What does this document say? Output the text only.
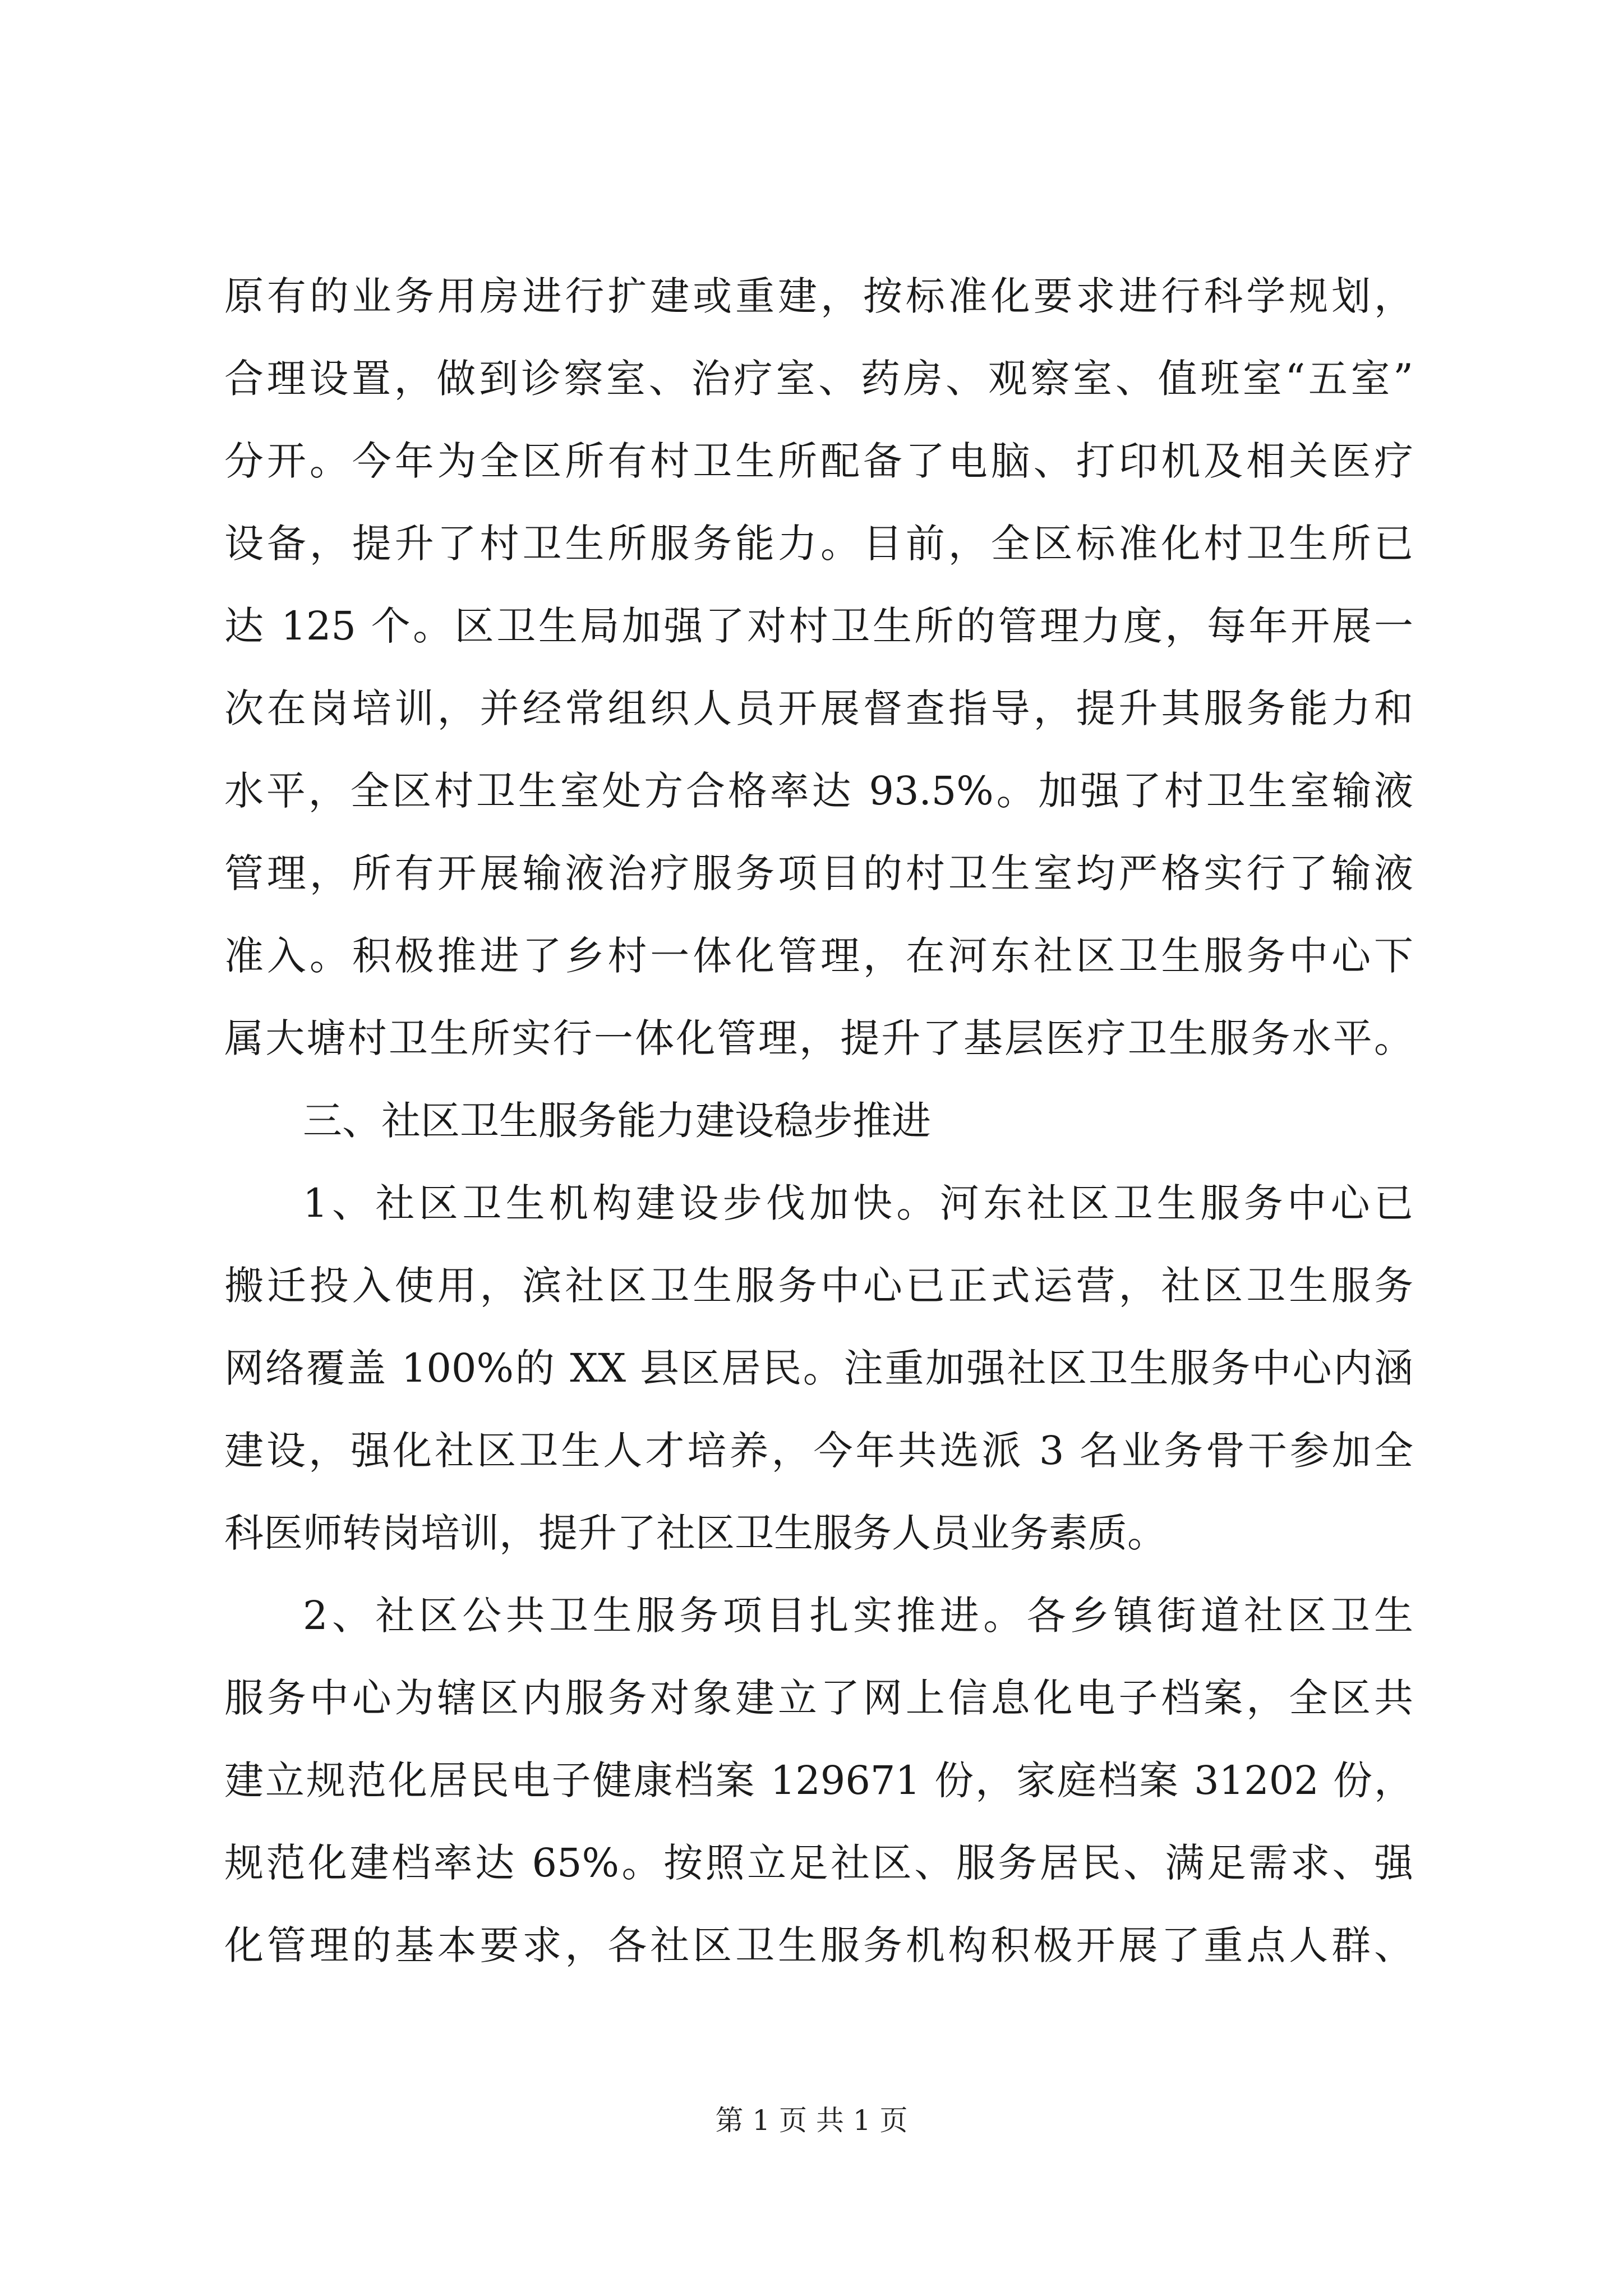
原有的业务用房进行扩建或重建，按标准化要求进行科学规划，
合理设置，做到诊察室、治疗室、药房、观察室、值班室“五室”
分开。今年为全区所有村卫生所配备了电脑、打印机及相关医疗
设备，提升了村卫生所服务能力。目前，全区标准化村卫生所已
达 125 个。区卫生局加强了对村卫生所的管理力度，每年开展一
次在岗培训，并经常组织人员开展督查指导，提升其服务能力和
水平，全区村卫生室处方合格率达 93.5%。加强了村卫生室输液
管理，所有开展输液治疗服务项目的村卫生室均严格实行了输液
准入。积极推进了乡村一体化管理，在河东社区卫生服务中心下
属大塘村卫生所实行一体化管理，提升了基层医疗卫生服务水平。
三、社区卫生服务能力建设稳步推进
1、社区卫生机构建设步伐加快。河东社区卫生服务中心已
搬迁投入使用，滨社区卫生服务中心已正式运营，社区卫生服务
网络覆盖 100%的 XX 县区居民。注重加强社区卫生服务中心内涵
建设，强化社区卫生人才培养，今年共选派 3 名业务骨干参加全
科医师转岗培训，提升了社区卫生服务人员业务素质。
2、社区公共卫生服务项目扎实推进。各乡镇街道社区卫生
服务中心为辖区内服务对象建立了网上信息化电子档案，全区共
建立规范化居民电子健康档案 129671 份，家庭档案 31202 份，
规范化建档率达 65%。按照立足社区、服务居民、满足需求、强
化管理的基本要求，各社区卫生服务机构积极开展了重点人群、
第 1 页 共 1 页
